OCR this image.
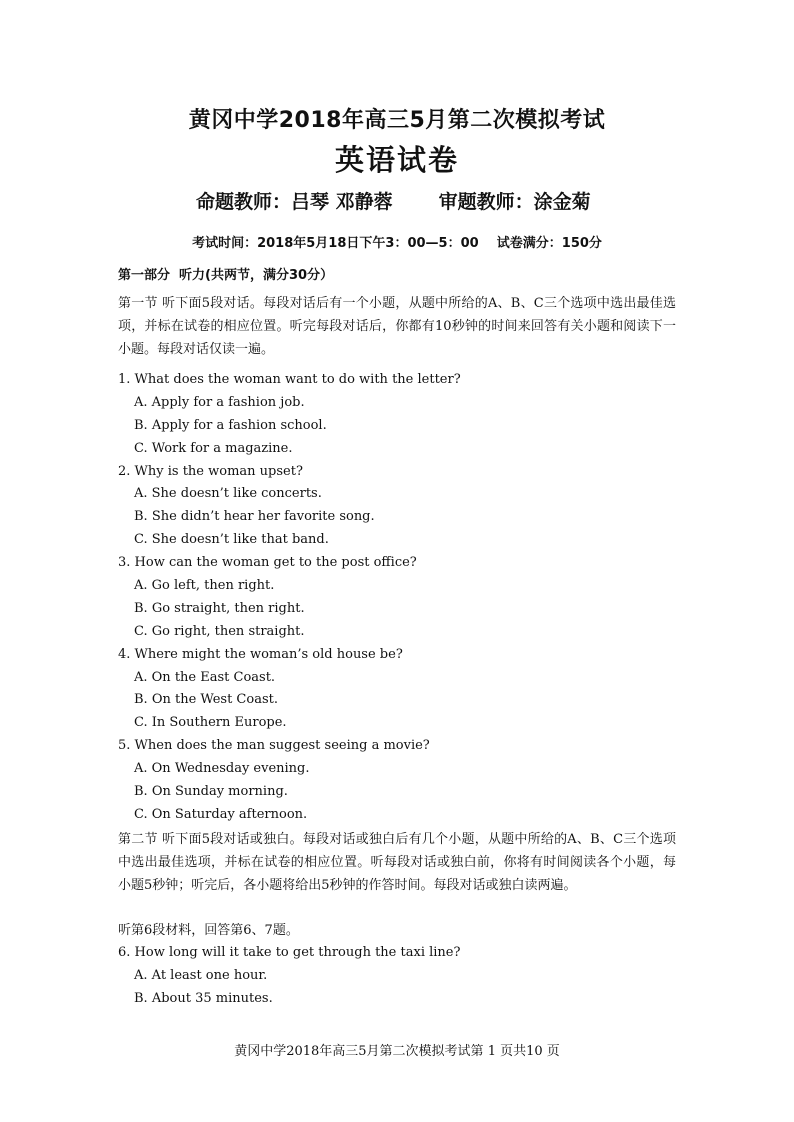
黄冈中学2018年高三5月第二次模拟考试
英语试卷
命题教师：吕琴 邓静蓉 审题教师：涂金菊
考试时间：2018年5月18日下午3：00—5：00    试卷满分：150分
第一部分  听力(共两节，满分30分）
第一节 听下面5段对话。每段对话后有一个小题，从题中所给的A、B、C三个选项中选出最佳选项，并标在试卷的相应位置。听完每段对话后，你都有10秒钟的时间来回答有关小题和阅读下一小题。每段对话仅读一遍。
1. What does the woman want to do with the letter?
A. Apply for a fashion job.
B. Apply for a fashion school.
C. Work for a magazine.
2. Why is the woman upset?
A. She doesn’t like concerts.
B. She didn’t hear her favorite song.
C. She doesn’t like that band.
3. How can the woman get to the post office?
A. Go left, then right.
B. Go straight, then right.
C. Go right, then straight.
4. Where might the woman’s old house be?
A. On the East Coast.
B. On the West Coast.
C. In Southern Europe.
5. When does the man suggest seeing a movie?
A. On Wednesday evening.
B. On Sunday morning.
C. On Saturday afternoon.
第二节 听下面5段对话或独白。每段对话或独白后有几个小题，从题中所给的A、B、C三个选项中选出最佳选项，并标在试卷的相应位置。听每段对话或独白前，你将有时间阅读各个小题，每小题5秒钟；听完后，各小题将给出5秒钟的作答时间。每段对话或独白读两遍。
听第6段材料，回答第6、7题。
6. How long will it take to get through the taxi line?
A. At least one hour.
B. About 35 minutes.
黄冈中学2018年高三5月第二次模拟考试第 1 页共10 页
